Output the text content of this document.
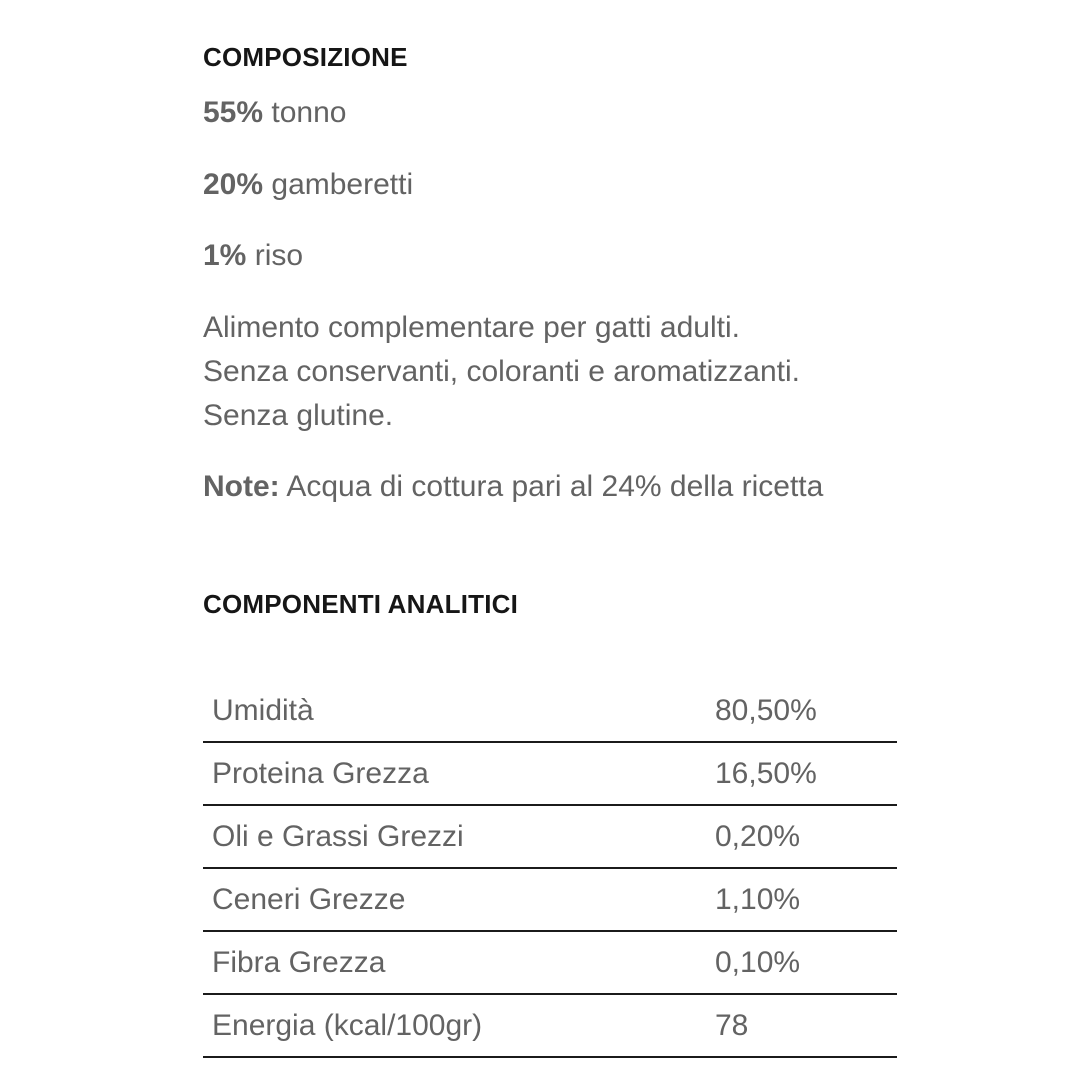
COMPOSIZIONE

55% tonno

20% gamberetti

1% riso

Alimento complementare per gatti adulti.

Senza conservanti, coloranti e aromatizzanti.

Senza glutine.

Note: Acqua di cottura pari al 24% della ricetta

COMPONENTI ANALITICI
Umidità	80,50%
Proteina Grezza	16,50%
Oli e Grassi Grezzi	0,20%
Ceneri Grezze	1,10%
Fibra Grezza	0,10%
Energia (kcal/100gr)	78
